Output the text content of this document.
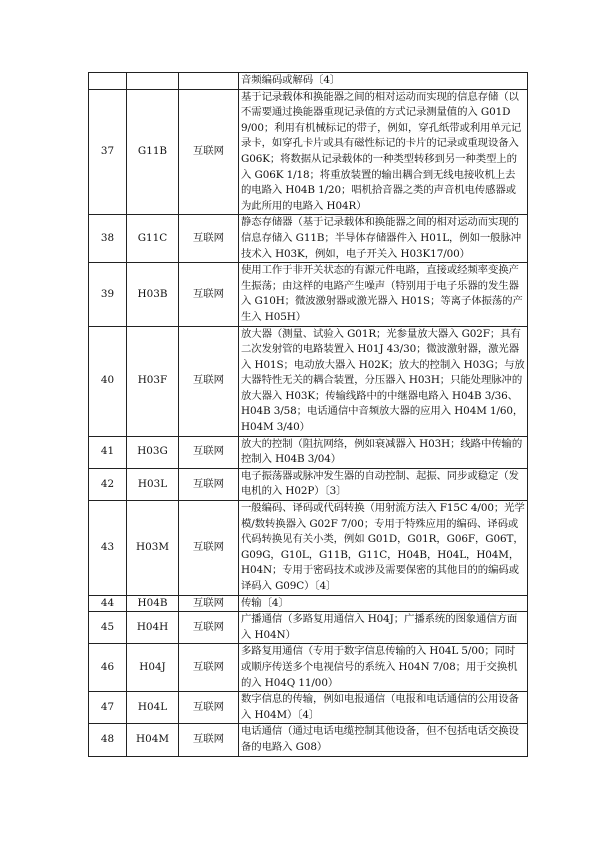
			音频编码或解码〔4〕
37	G11B	互联网	基于记录载体和换能器之间的相对运动而实现的信息存储（以不需要通过换能器重现记录值的方式记录测量值的入 G01D 9/00；利用有机械标记的带子，例如，穿孔纸带或利用单元记录卡，如穿孔卡片或具有磁性标记的卡片的记录或重现设备入 G06K；将数据从记录载体的一种类型转移到另一种类型上的入 G06K 1/18；将重放装置的输出耦合到无线电接收机上去的电路入 H04B 1/20；唱机拾音器之类的声音机电传感器或为此所用的电路入 H04R）
38	G11C	互联网	静态存储器（基于记录载体和换能器之间的相对运动而实现的信息存储入 G11B；半导体存储器件入 H01L，例如一般脉冲技术入 H03K，例如，电子开关入 H03K17/00）
39	H03B	互联网	使用工作于非开关状态的有源元件电路，直接或经频率变换产生振荡；由这样的电路产生噪声（特别用于电子乐器的发生器入 G10H；微波激射器或激光器入 H01S；等离子体振荡的产生入 H05H）
40	H03F	互联网	放大器（测量、试验入 G01R；光参量放大器入 G02F；具有二次发射管的电路装置入 H01J 43/30；微波激射器，激光器入 H01S；电动放大器入 H02K；放大的控制入 H03G；与放大器特性无关的耦合装置，分压器入 H03H；只能处理脉冲的放大器入 H03K；传输线路中的中继器电路入 H04B 3/36、H04B 3/58；电话通信中音频放大器的应用入 H04M 1/60，H04M 3/40）
41	H03G	互联网	放大的控制（阻抗网络，例如衰减器入 H03H；线路中传输的控制入 H04B 3/04）
42	H03L	互联网	电子振荡器或脉冲发生器的自动控制、起振、同步或稳定（发电机的入 H02P）〔3〕
43	H03M	互联网	一般编码、译码或代码转换（用射流方法入 F15C 4/00；光学模/数转换器入 G02F 7/00；专用于特殊应用的编码、译码或代码转换见有关小类，例如 G01D，G01R，G06F，G06T，G09G，G10L，G11B，G11C，H04B，H04L，H04M，H04N；专用于密码技术或涉及需要保密的其他目的的编码或译码入 G09C）〔4〕
44	H04B	互联网	传输〔4〕
45	H04H	互联网	广播通信（多路复用通信入 H04J；广播系统的图象通信方面入 H04N）
46	H04J	互联网	多路复用通信（专用于数字信息传输的入 H04L 5/00；同时或顺序传送多个电视信号的系统入 H04N 7/08；用于交换机的入 H04Q 11/00）
47	H04L	互联网	数字信息的传输，例如电报通信（电报和电话通信的公用设备入 H04M）〔4〕
48	H04M	互联网	电话通信（通过电话电缆控制其他设备，但不包括电话交换设备的电路入 G08）
